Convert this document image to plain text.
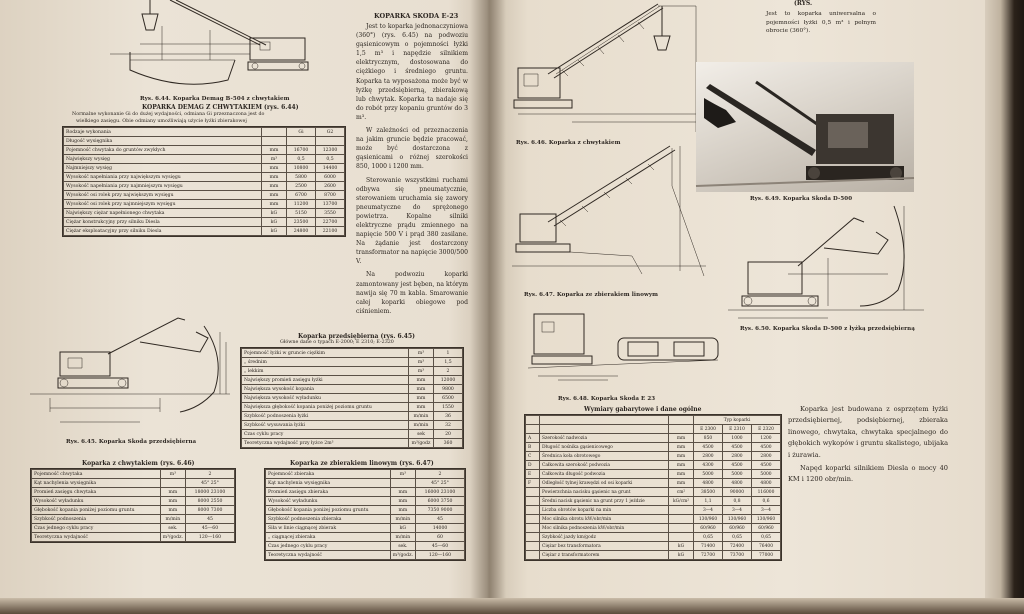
Rys. 6.44. Koparka Demag B-504 z chwytakiem
KOPARKA DEMAG Z CHWYTAKIEM (rys. 6.44)
Normalne wykonanie Gi do dużej wydajności, odmiana Gi przeznaczona jest do
wielkiego zasięgu. Obie odmiany umożliwiają użycie łyżki zbierakowej
Rodzaje wykonania		Gi	G2
Długość wysięgnika			
Pojemność chwytaka do gruntów zwykłych	mm	16700	12300
Największy wysięg	m³	0,5	0,5
Najmniejszy wysięg	mm	10800	14400
Wysokość napełniania przy największym wysięgu	mm	5800	6000
Wysokość napełniania przy najmniejszym wysięgu	mm	2500	2600
Wysokość osi rolek przy największym wysięgu	mm	6700	8700
Wysokość osi rolek przy najmniejszym wysięgu	mm	11200	13700
Największy ciężar napełnionego chwytaka	kG	5150	3550
Ciężar konstrukcyjny przy silniku Diesla	kG	23500	22700
Ciężar eksploatacyjny przy silniku Diesla	kG	24800	22100
KOPARKA SKODA E-23

Jest to koparka jednonaczyniowa (360°) (rys. 6.45) na podwoziu gąsienicowym o pojemności łyżki 1,5 m³ i napędzie silnikiem elektrycznym, dostosowana do ciężkiego i średniego gruntu. Koparka ta wyposażona może być w łyżkę przedsiębierną, zbierakową lub chwytak. Koparka ta nadaje się do robót przy kopaniu gruntów do 3 m³.

W zależności od przeznaczenia na jakim gruncie będzie pracować, może być dostarczona z gąsienicami o różnej szerokości 850, 1000 i 1200 mm.

Sterowanie wszystkimi ruchami odbywa się pneumatycznie, sterowaniem uruchamia się zawory pneumatyczne do sprężonego powietrza. Kopalne silniki elektryczne prądu zmiennego na napięcie 500 V i prąd 380 zasilane. Na żądanie jest dostarczony transformator na napięcie 3000/500 V.

Na podwoziu koparki zamontowany jest bęben, na którym nawija się 70 m kabla. Smarowanie całej koparki obiegowe pod ciśnieniem.

Rys. 6.45. Koparka Skoda przedsiębierna
Koparka przedsiębierna (rys. 6.45)
Główne dane o typach E-2000; E 2310; E-2320
Pojemność łyżki w gruncie ciężkim	m³	1
„ średnim	m³	1,5
„ lekkim	m³	2
Największy promień zasięgu łyżki	mm	12000
Największa wysokość kopania	mm	9800
Największa wysokość wyładunku	mm	6500
Największa głębokość kopania poniżej poziomu gruntu	mm	1550
Szybkość podnoszenia łyżki	m/min	36
Szybkość wysuwania łyżki	m/min	32
Czas cyklu pracy	sek	20
Teoretyczna wydajność przy łyżce 2m³	m³/godz	360
Koparka z chwytakiem (rys. 6.46)
Pojemność chwytaka	m³	2
Kąt nachylenia wysięgnika		45° 25°
Promień zasięgu chwytaka	mm	18000 23100
Wysokość wyładunku	mm	8000 2550
Głębokość kopania poniżej poziomu gruntu	mm	8000 7300
Szybkość podnoszenia	m/min	45
Czas jednego cyklu pracy	sek.	45—60
Teoretyczna wydajność	m³/godz.	120—160
Koparka ze zbierakiem linowym (rys. 6.47)
Pojemność zbieraka	m³	2
Kąt nachylenia wysięgnika		45° 25°
Promień zasięgu zbieraka	mm	16000 23100
Wysokość wyładunku	mm	6000 3750
Głębokość kopania poniżej poziomu gruntu	mm	7350 9000
Szybkość podnoszenia zbieraka	m/min	45
Siła w linie ciągnącej zbierak	kG	14000
„ ciągnącej zbieraka	m/min	60
Czas jednego cyklu pracy	sek.	45—60
Teoretyczna wydajność	m³/godz.	120—160
Rys. 6.46. Koparka z chwytakiem
Rys. 6.47. Koparka ze zbierakiem linowym
Rys. 6.48. Koparka Skoda E 23
(RYS.
Jest to koparka uniwersalna o pojemności łyżki 0,5 m³ i pełnym obrocie (360°).
Rys. 6.49. Koparka Skoda D-500
Rys. 6.50. Koparka Skoda D-500 z łyżką przedsiębierną
Wymiary gabarytowe i dane ogólne
			Typ koparki		
			E 2300	E 2310	E 2320
A	Szerokość nadwozia	mm	850	1000	1200
B	Długość nośnika gąsienicowego	mm	4500	4500	4500
C	Średnica koła obrotowego	mm	2800	2800	2800
D	Całkowita szerokość podwozia	mm	4300	4500	4500
E	Całkowita długość podwozia	mm	5000	5000	5000
F	Odległość tylnej krawędzi od osi koparki	mm	4800	4800	4800
	Powierzchnia nacisku gąsienic na grunt	cm²	38500	90000	116000
	Średni nacisk gąsienic na grunt przy 1 jeździe	kG/cm²	1,1	0,8	0,6
	Liczba obrotów koparki na min		3—4	3—4	3—4
	Moc silnika obrotu kW/obr/min		130/960	130/960	130/960
	Moc silnika podnoszenia kW/obr/min		60/960	60/960	60/960
	Szybkość jazdy km/godz		0,65	0,65	0,65
	Ciężar bez transformatora	kG	71400	72400	76400
	Ciężar z transformatorem	kG	72700	73700	77000

Koparka jest budowana z osprzętem łyżki przedsiębiernej, podsiębiernej, zbieraka linowego, chwytaka, chwytaka specjalnego do głębokich wykopów i gruntu skalistego, ubijaka i żurawia.

Napęd koparki silnikiem Diesla o mocy 40 KM i 1200 obr/min.
